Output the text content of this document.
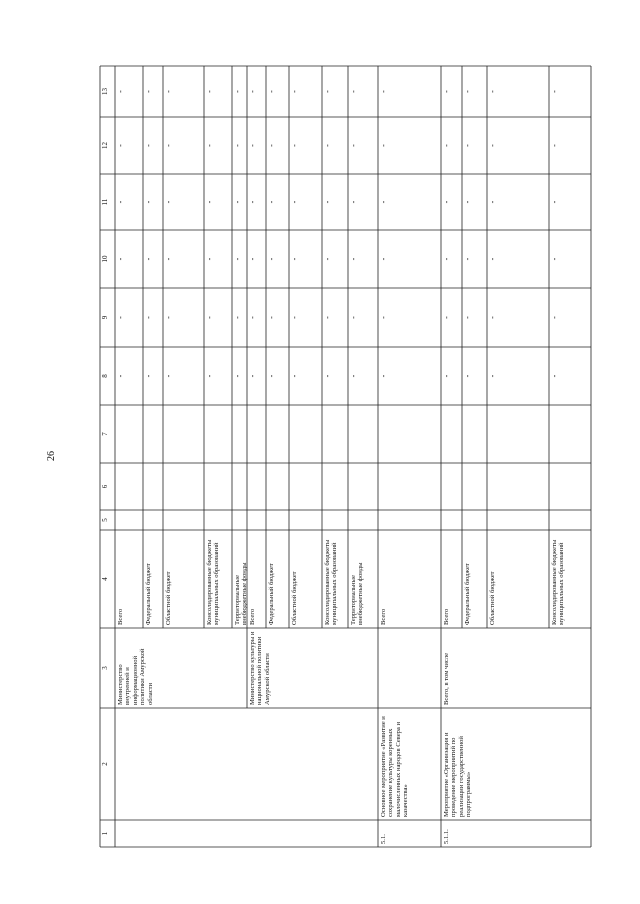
26
1
2
3
4
5
6
7
8
9
10
11
12
13
Министерство внутренней и информационной политики Амурской области
Всего
-
-
-
-
-
-
Федеральный бюджет
-
-
-
-
-
-
Областной бюджет
-
-
-
-
-
-
Консолидированные бюджеты муниципальных образований
-
-
-
-
-
-
Территориальные внебюджетные фонды
-
-
-
-
-
-
Министерство культуры и национальной политики Амурской области
Всего
-
-
-
-
-
-
Федеральный бюджет
-
-
-
-
-
-
Областной бюджет
-
-
-
-
-
-
Консолидированные бюджеты муниципальных образований
-
-
-
-
-
-
Территориальные внебюджетные фонды
-
-
-
-
-
-
5.1.
Основное мероприятие «Развитие и сохранение культуры коренных малочисленных народов Севера и казачества»
Всего
-
-
-
-
-
-
5.1.1.
Мероприятие «Организация и проведение мероприятий по реализации государственной подпрограммы»
Всего, в том числе
Всего
-
-
-
-
-
-
Федеральный бюджет
-
-
-
-
-
-
Областной бюджет
-
-
-
-
-
-
Консолидированные бюджеты муниципальных образований
-
-
-
-
-
-
